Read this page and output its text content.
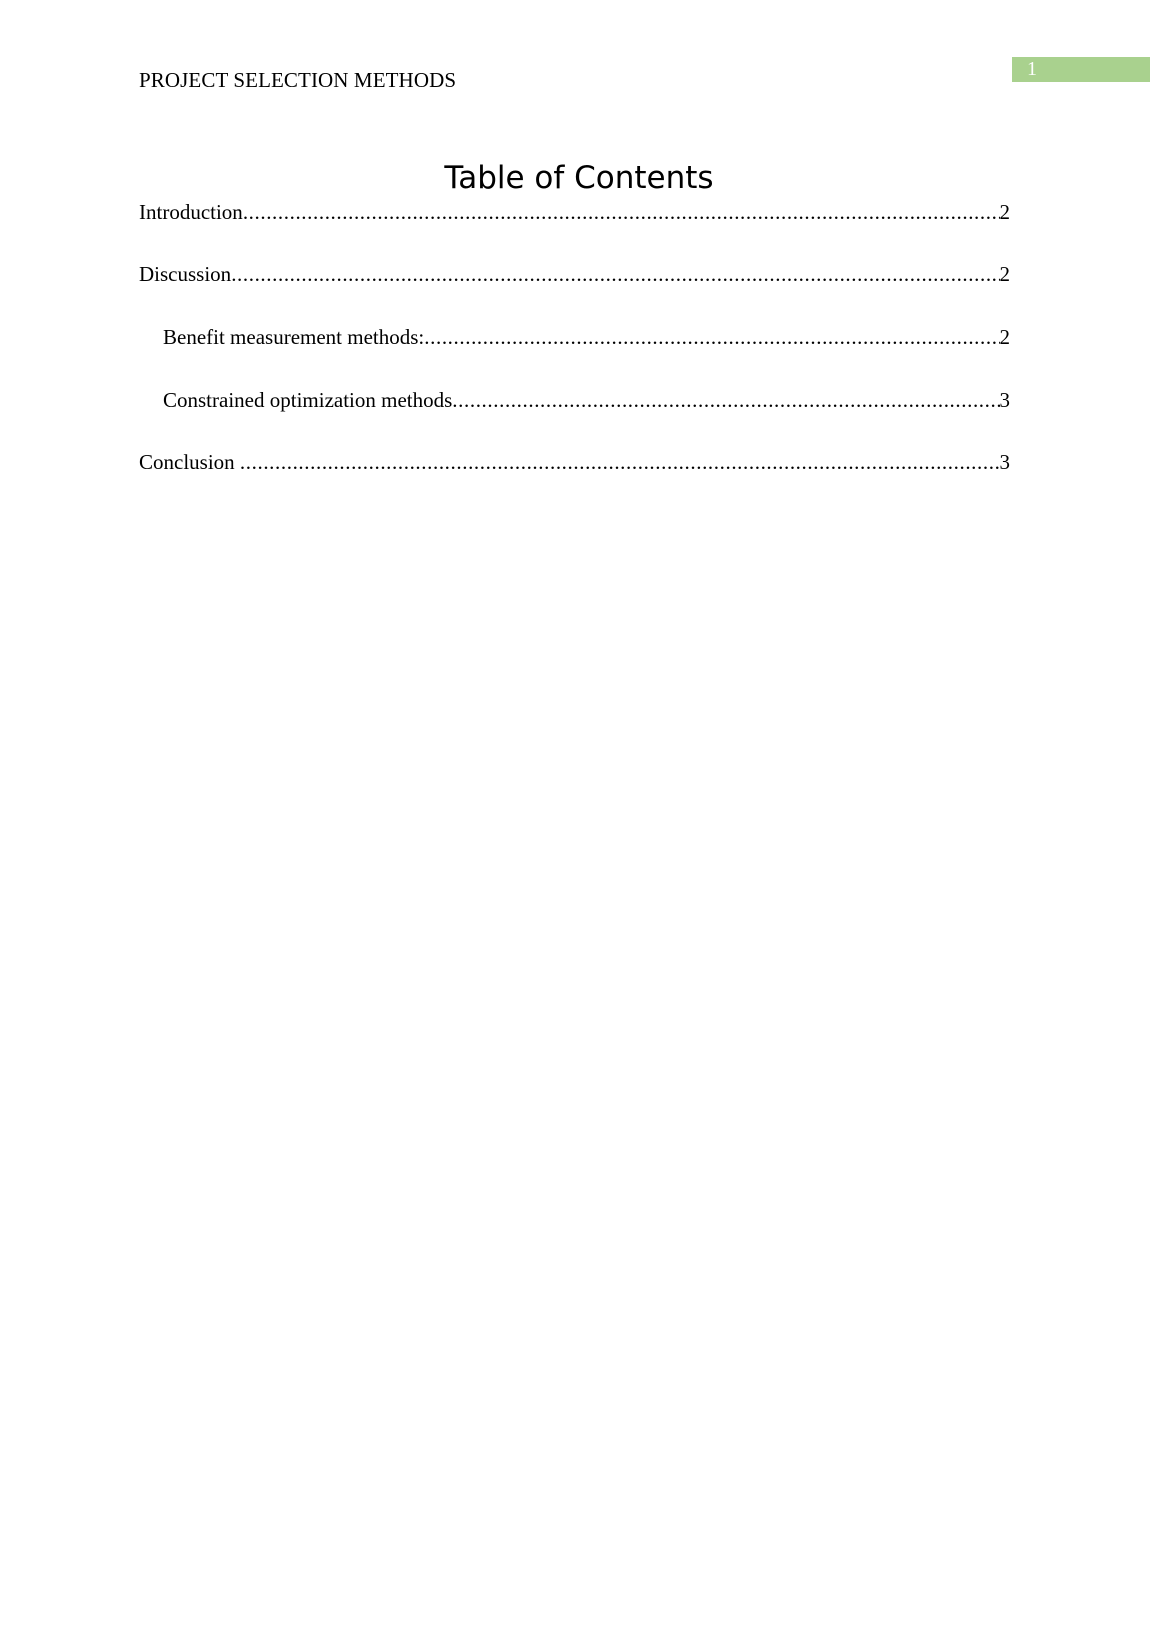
PROJECT SELECTION METHODS	1
Table of Contents
Introduction .....	2
Discussion .....	2
Benefit measurement methods: .....	2
Constrained optimization methods .....	3
Conclusion .....	3
